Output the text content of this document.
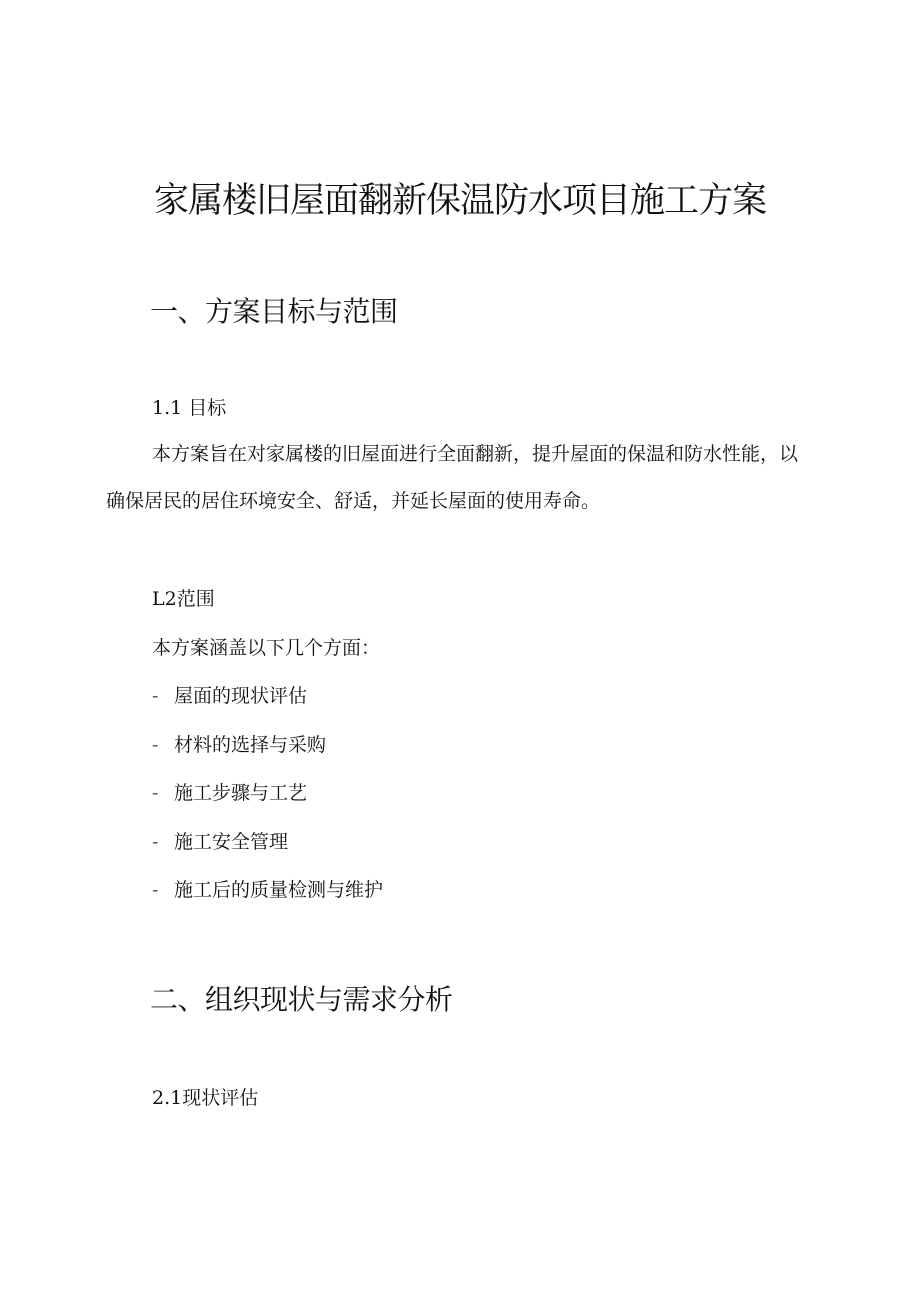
家属楼旧屋面翻新保温防水项目施工方案
一、方案目标与范围
1.1 目标
本方案旨在对家属楼的旧屋面进行全面翻新，提升屋面的保温和防水性能，以确保居民的居住环境安全、舒适，并延长屋面的使用寿命。
L2范围
本方案涵盖以下几个方面：
- 屋面的现状评估
- 材料的选择与采购
- 施工步骤与工艺
- 施工安全管理
- 施工后的质量检测与维护
二、组织现状与需求分析
2.1现状评估
